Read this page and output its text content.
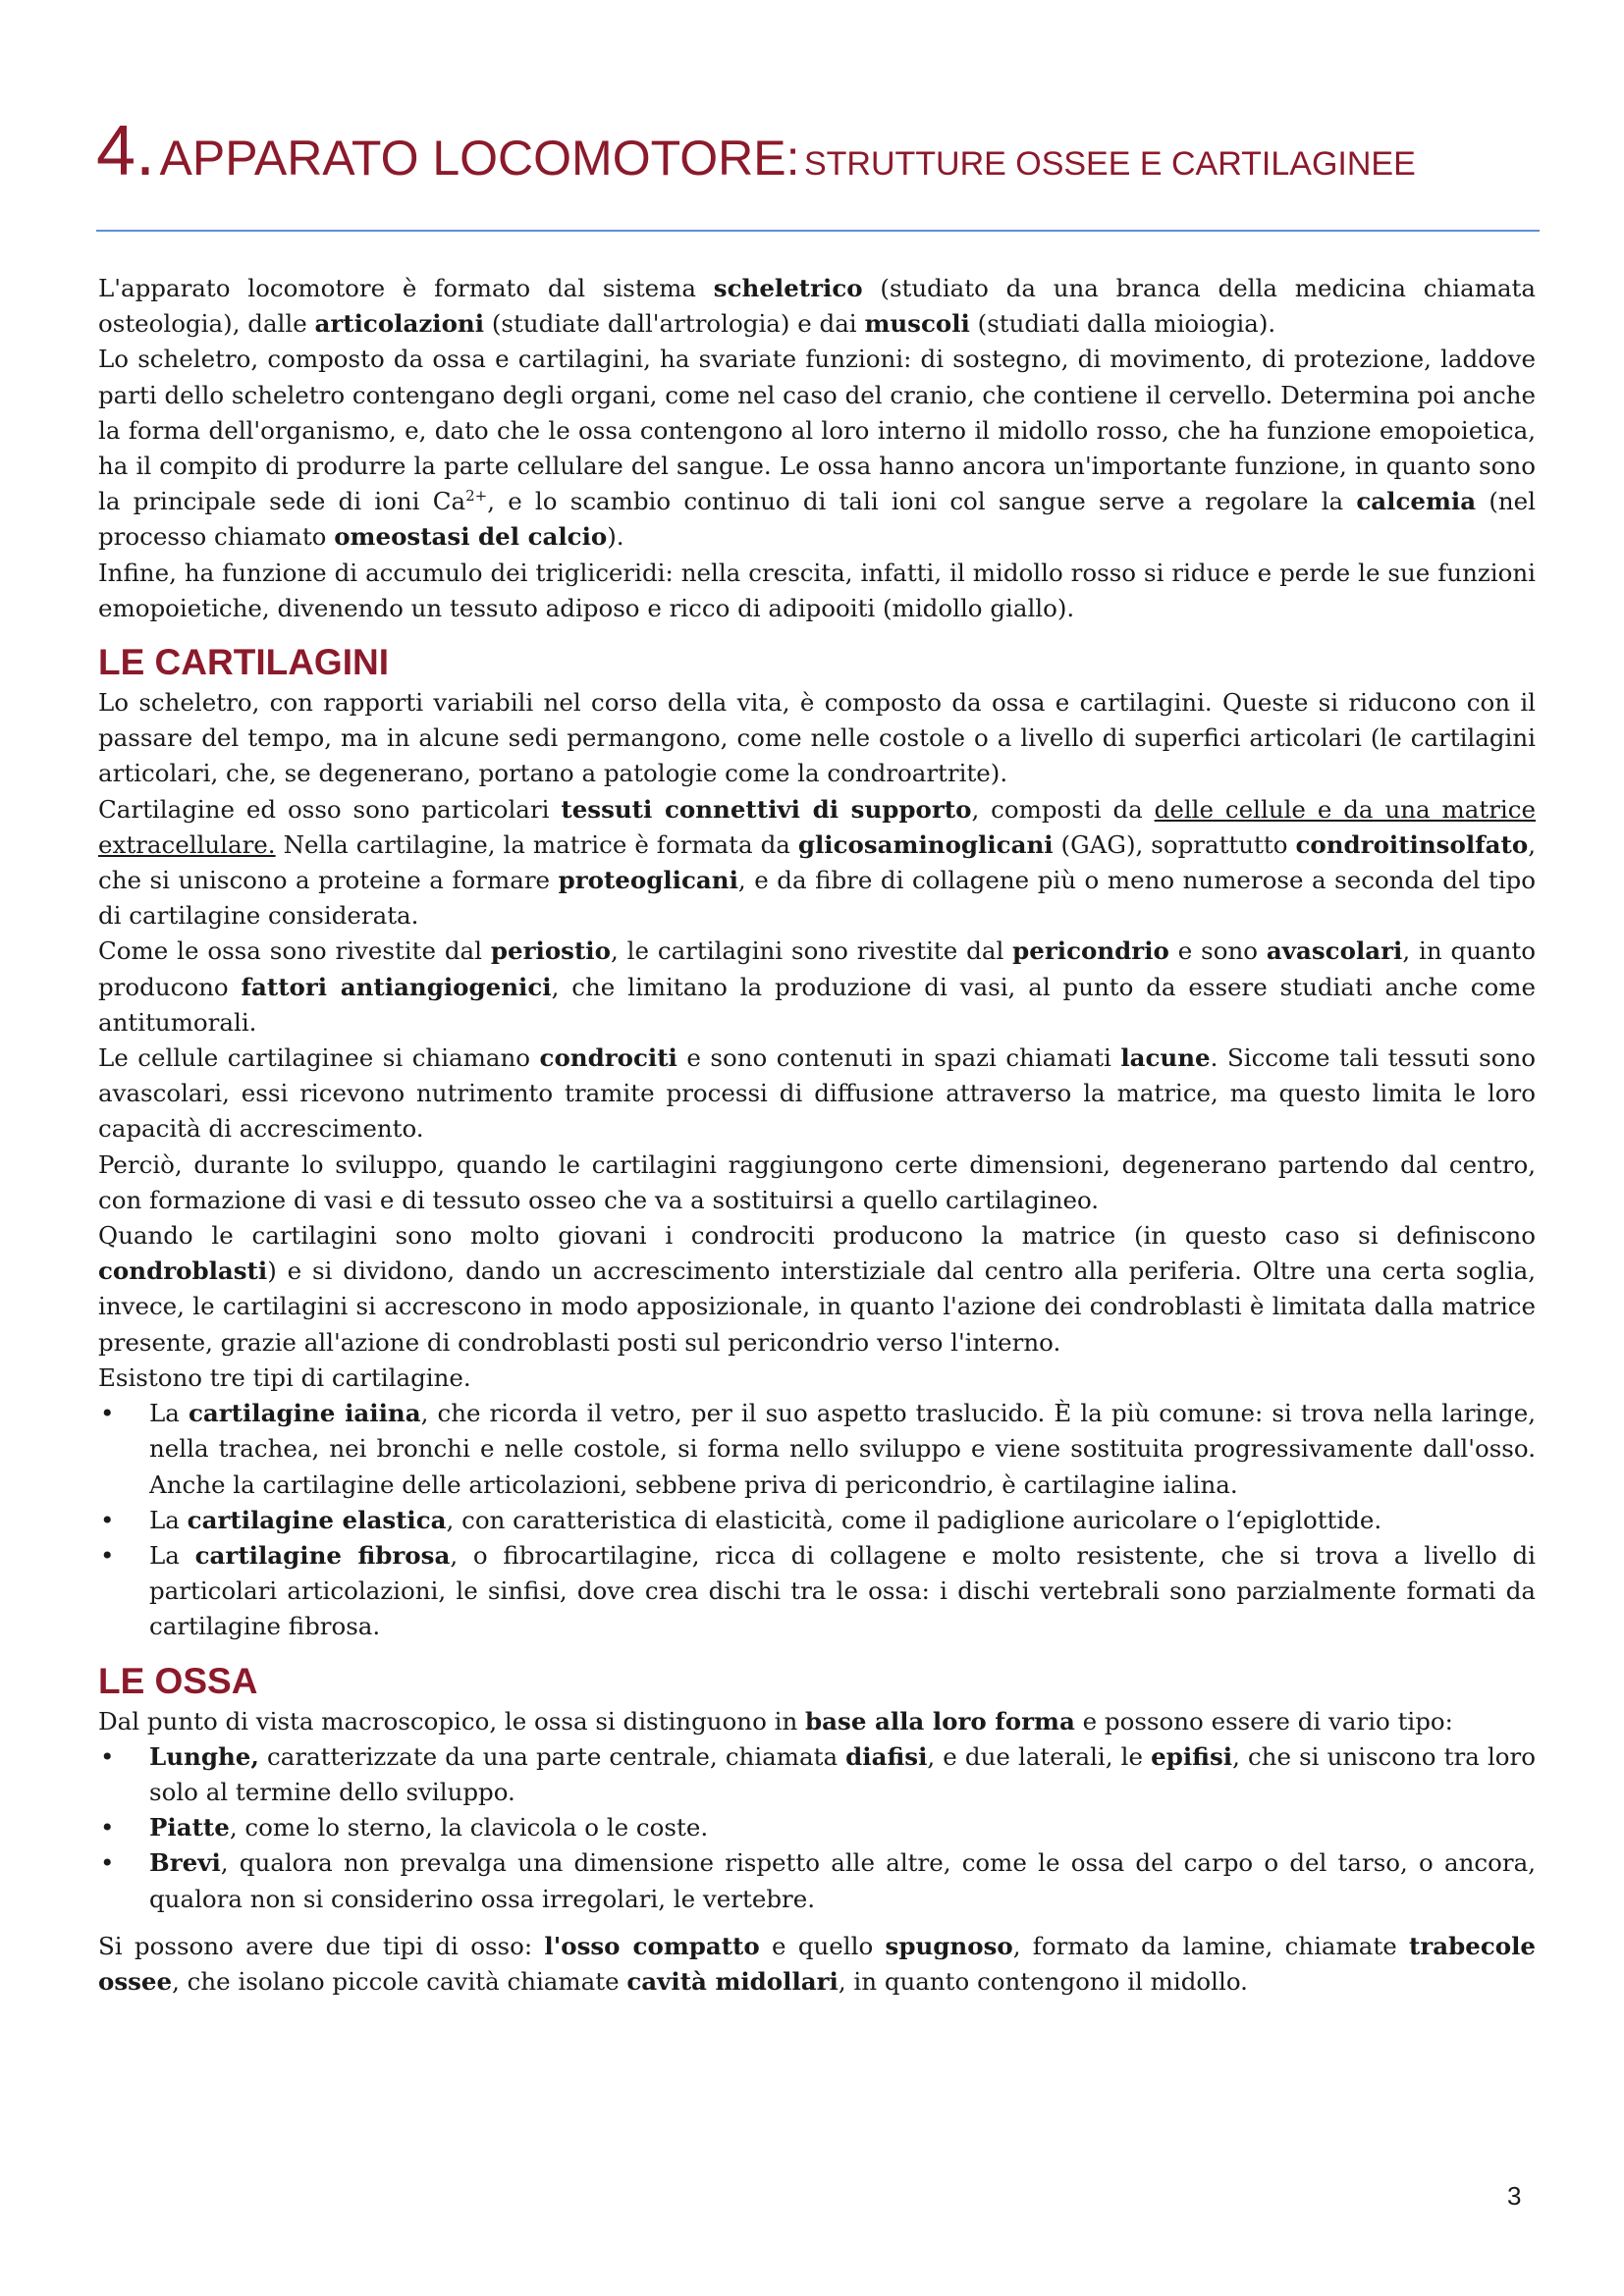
4. APPARATO LOCOMOTORE: STRUTTURE OSSEE E CARTILAGINEE

L'apparato locomotore è formato dal sistema scheletrico (studiato da una branca della medicina chiamata osteologia), dalle articolazioni (studiate dall'artrologia) e dai muscoli (studiati dalla mioiogia).

Lo scheletro, composto da ossa e cartilagini, ha svariate funzioni: di sostegno, di movimento, di protezione, laddove parti dello scheletro contengano degli organi, come nel caso del cranio, che contiene il cervello. Determina poi anche la forma dell'organismo, e, dato che le ossa contengono al loro interno il midollo rosso, che ha funzione emopoietica, ha il compito di produrre la parte cellulare del sangue. Le ossa hanno ancora un'importante funzione, in quanto sono la principale sede di ioni $Ca^{2+}$, e lo scambio continuo di tali ioni col sangue serve a regolare la calcemia (nel processo chiamato omeostasi del calcio).

Infine, ha funzione di accumulo dei trigliceridi: nella crescita, infatti, il midollo rosso si riduce e perde le sue funzioni emopoietiche, divenendo un tessuto adiposo e ricco di adipooiti (midollo giallo).

LE CARTILAGINI

Lo scheletro, con rapporti variabili nel corso della vita, è composto da ossa e cartilagini. Queste si riducono con il passare del tempo, ma in alcune sedi permangono, come nelle costole o a livello di superfici articolari (le cartilagini articolari, che, se degenerano, portano a patologie come la condroartrite).

Cartilagine ed osso sono particolari tessuti connettivi di supporto, composti da delle cellule e da una matrice extracellulare. Nella cartilagine, la matrice è formata da glicosaminoglicani (GAG), soprattutto condroitinsolfato, che si uniscono a proteine a formare proteoglicani, e da fibre di collagene più o meno numerose a seconda del tipo di cartilagine considerata.

Come le ossa sono rivestite dal periostio, le cartilagini sono rivestite dal pericondrio e sono avascolari, in quanto producono fattori antiangiogenici, che limitano la produzione di vasi, al punto da essere studiati anche come antitumorali.

Le cellule cartilaginee si chiamano condrociti e sono contenuti in spazi chiamati lacune. Siccome tali tessuti sono avascolari, essi ricevono nutrimento tramite processi di diffusione attraverso la matrice, ma questo limita le loro capacità di accrescimento.

Perciò, durante lo sviluppo, quando le cartilagini raggiungono certe dimensioni, degenerano partendo dal centro, con formazione di vasi e di tessuto osseo che va a sostituirsi a quello cartilagineo.

Quando le cartilagini sono molto giovani i condrociti producono la matrice (in questo caso si definiscono condroblasti) e si dividono, dando un accrescimento interstiziale dal centro alla periferia. Oltre una certa soglia, invece, le cartilagini si accrescono in modo apposizionale, in quanto l'azione dei condroblasti è limitata dalla matrice presente, grazie all'azione di condroblasti posti sul pericondrio verso l'interno.

Esistono tre tipi di cartilagine.

• La cartilagine iaiina, che ricorda il vetro, per il suo aspetto traslucido. È la più comune: si trova nella laringe, nella trachea, nei bronchi e nelle costole, si forma nello sviluppo e viene sostituita progressivamente dall'osso. Anche la cartilagine delle articolazioni, sebbene priva di pericondrio, è cartilagine ialina.
• La cartilagine elastica, con caratteristica di elasticità, come il padiglione auricolare o l‘epiglottide.
• La cartilagine fibrosa, o fibrocartilagine, ricca di collagene e molto resistente, che si trova a livello di particolari articolazioni, le sinfisi, dove crea dischi tra le ossa: i dischi vertebrali sono parzialmente formati da cartilagine fibrosa.
LE OSSA

Dal punto di vista macroscopico, le ossa si distinguono in base alla loro forma e possono essere di vario tipo:

• Lunghe, caratterizzate da una parte centrale, chiamata diafisi, e due laterali, le epifisi, che si uniscono tra loro solo al termine dello sviluppo.
• Piatte, come lo sterno, la clavicola o le coste.
• Brevi, qualora non prevalga una dimensione rispetto alle altre, come le ossa del carpo o del tarso, o ancora, qualora non si considerino ossa irregolari, le vertebre.

Si possono avere due tipi di osso: l'osso compatto e quello spugnoso, formato da lamine, chiamate trabecole ossee, che isolano piccole cavità chiamate cavità midollari, in quanto contengono il midollo.

3
